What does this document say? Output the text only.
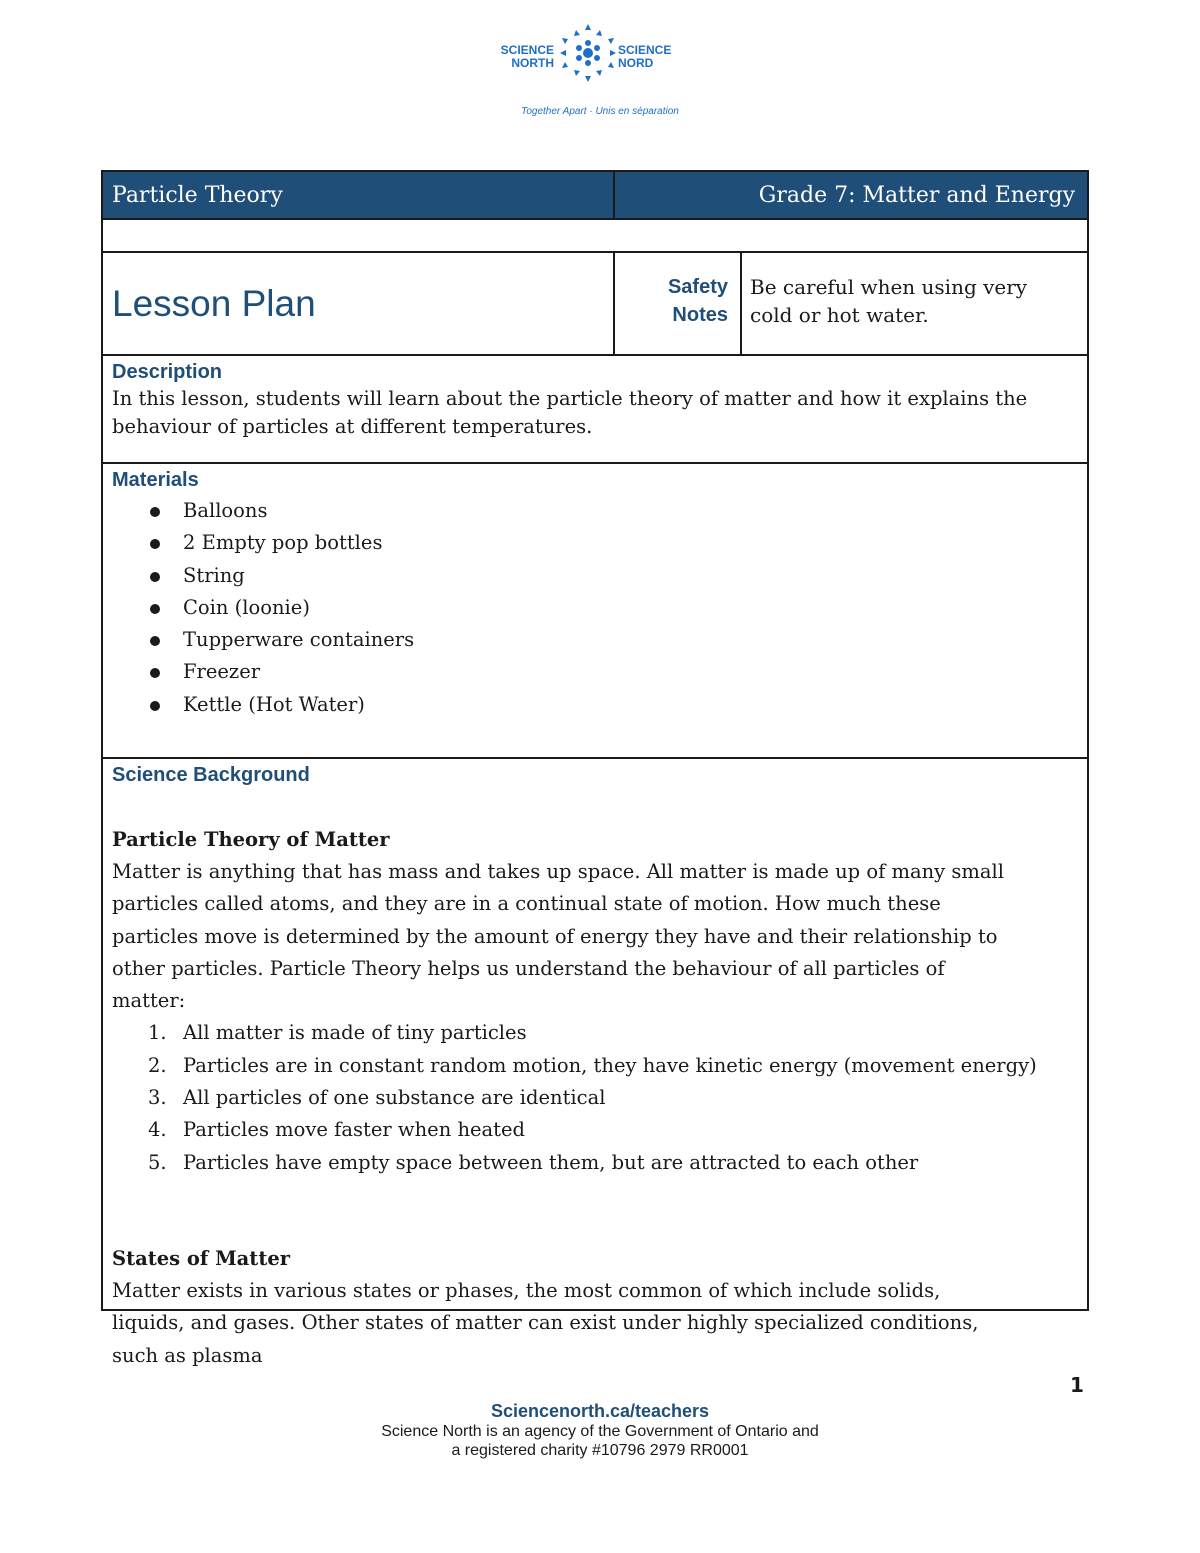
SCIENCE
NORTH
SCIENCE
NORD
Together Apart · Unis en séparation
Particle Theory	Grade 7: Matter and Energy
Lesson Plan	Safety
Notes
Be careful when using very cold or hot water.
Description
In this lesson, students will learn about the particle theory of matter and how it explains the behaviour of particles at different temperatures.
Materials
Balloons
2 Empty pop bottles
String
Coin (loonie)
Tupperware containers
Freezer
Kettle (Hot Water)
Science Background
Particle Theory of Matter
Matter is anything that has mass and takes up space. All matter is made up of many small particles called atoms, and they are in a continual state of motion. How much these particles move is determined by the amount of energy they have and their relationship to other particles. Particle Theory helps us understand the behaviour of all particles of matter:
1. All matter is made of tiny particles
2. Particles are in constant random motion, they have kinetic energy (movement energy)
3. All particles of one substance are identical
4. Particles move faster when heated
5. Particles have empty space between them, but are attracted to each other
States of Matter
Matter exists in various states or phases, the most common of which include solids, liquids, and gases. Other states of matter can exist under highly specialized conditions, such as plasma
1
Sciencenorth.ca/teachers
Science North is an agency of the Government of Ontario and
a registered charity #10796 2979 RR0001
